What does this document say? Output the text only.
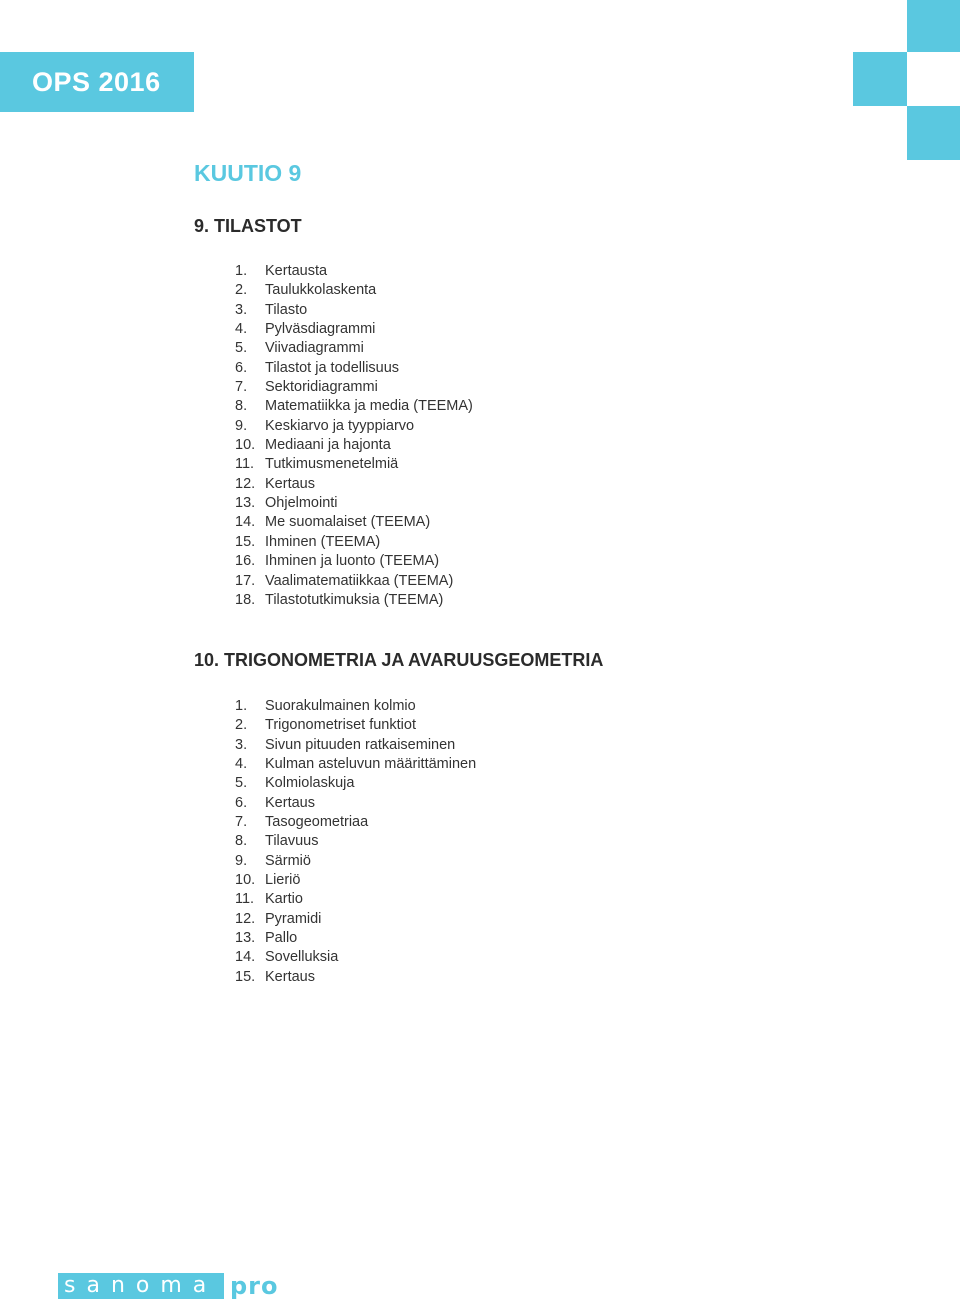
OPS 2016
KUUTIO 9
9. TILASTOT
1. Kertausta
2. Taulukkolaskenta
3. Tilasto
4. Pylväsdiagrammi
5. Viivadiagrammi
6. Tilastot ja todellisuus
7. Sektoridiagrammi
8. Matematiikka ja media (TEEMA)
9. Keskiarvo ja tyyppiarvo
10. Mediaani ja hajonta
11. Tutkimusmenetelmiä
12. Kertaus
13. Ohjelmointi
14. Me suomalaiset (TEEMA)
15. Ihminen (TEEMA)
16. Ihminen ja luonto (TEEMA)
17. Vaalimatematiikkaa (TEEMA)
18. Tilastotutkimuksia (TEEMA)
10. TRIGONOMETRIA JA AVARUUSGEOMETRIA
1. Suorakulmainen kolmio
2. Trigonometriset funktiot
3. Sivun pituuden ratkaiseminen
4. Kulman asteluvun määrittäminen
5. Kolmiolaskuja
6. Kertaus
7. Tasogeometriaa
8. Tilavuus
9. Särmiö
10. Lieriö
11. Kartio
12. Pyramidi
13. Pallo
14. Sovelluksia
15. Kertaus
sanoma pro
